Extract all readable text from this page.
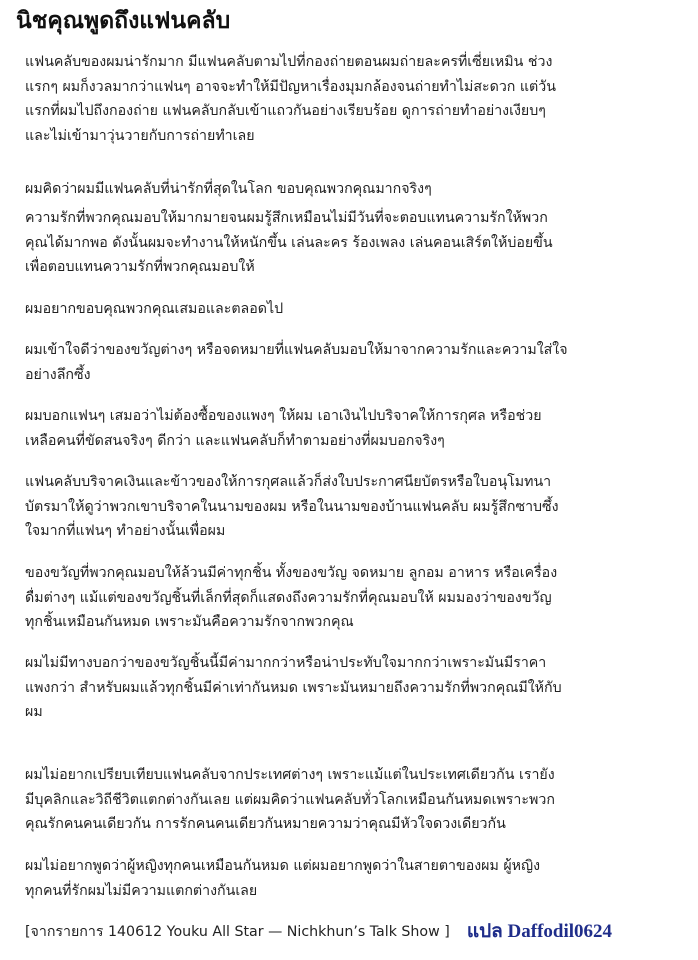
นิชคุณพูดถึงแฟนคลับ
แฟนคลับของผมน่ารักมาก มีแฟนคลับตามไปที่กองถ่ายตอนผมถ่ายละครที่เซี่ยเหมิน ช่วง
แรกๆ ผมก็งวลมากว่าแฟนๆ อาจจะทำให้มีปัญหาเรื่องมุมกล้องจนถ่ายทำไม่สะดวก แต่วัน
แรกที่ผมไปถึงกองถ่าย แฟนคลับกลับเข้าแถวกันอย่างเรียบร้อย ดูการถ่ายทำอย่างเงียบๆ
และไม่เข้ามาวุ่นวายกับการถ่ายทำเลย
ผมคิดว่าผมมีแฟนคลับที่น่ารักที่สุดในโลก ขอบคุณพวกคุณมากจริงๆ
ความรักที่พวกคุณมอบให้มากมายจนผมรู้สึกเหมือนไม่มีวันที่จะตอบแทนความรักให้พวก
คุณได้มากพอ ดังนั้นผมจะทำงานให้หนักขึ้น เล่นละคร ร้องเพลง เล่นคอนเสิร์ตให้บ่อยขึ้น
เพื่อตอบแทนความรักที่พวกคุณมอบให้
ผมอยากขอบคุณพวกคุณเสมอและตลอดไป
ผมเข้าใจดีว่าของขวัญต่างๆ หรือจดหมายที่แฟนคลับมอบให้มาจากความรักและความใส่ใจ
อย่างลึกซึ้ง
ผมบอกแฟนๆ เสมอว่าไม่ต้องซื้อของแพงๆ ให้ผม เอาเงินไปบริจาคให้การกุศล หรือช่วย
เหลือคนที่ขัดสนจริงๆ ดีกว่า และแฟนคลับก็ทำตามอย่างที่ผมบอกจริงๆ
แฟนคลับบริจาคเงินและข้าวของให้การกุศลแล้วก็ส่งใบประกาศนียบัตรหรือใบอนุโมทนา
บัตรมาให้ดูว่าพวกเขาบริจาคในนามของผม หรือในนามของบ้านแฟนคลับ ผมรู้สึกซาบซึ้ง
ใจมากที่แฟนๆ ทำอย่างนั้นเพื่อผม
ของขวัญที่พวกคุณมอบให้ล้วนมีค่าทุกชิ้น ทั้งของขวัญ จดหมาย ลูกอม อาหาร หรือเครื่อง
ดื่มต่างๆ แม้แต่ของขวัญชิ้นที่เล็กที่สุดก็แสดงถึงความรักที่คุณมอบให้ ผมมองว่าของขวัญ
ทุกชิ้นเหมือนกันหมด เพราะมันคือความรักจากพวกคุณ
ผมไม่มีทางบอกว่าของขวัญชิ้นนี้มีค่ามากกว่าหรือน่าประทับใจมากกว่าเพราะมันมีราคา
แพงกว่า สำหรับผมแล้วทุกชิ้นมีค่าเท่ากันหมด เพราะมันหมายถึงความรักที่พวกคุณมีให้กับ
ผม
ผมไม่อยากเปรียบเทียบแฟนคลับจากประเทศต่างๆ เพราะแม้แต่ในประเทศเดียวกัน เรายัง
มีบุคลิกและวิถีชีวิตแตกต่างกันเลย แต่ผมคิดว่าแฟนคลับทั่วโลกเหมือนกันหมดเพราะพวก
คุณรักคนคนเดียวกัน การรักคนคนเดียวกันหมายความว่าคุณมีหัวใจดวงเดียวกัน
ผมไม่อยากพูดว่าผู้หญิงทุกคนเหมือนกันหมด แต่ผมอยากพูดว่าในสายตาของผม ผู้หญิง
ทุกคนที่รักผมไม่มีความแตกต่างกันเลย
[จากรายการ 140612 Youku All Star — Nichkhun’s Talk Show ] แปล Daffodil0624
